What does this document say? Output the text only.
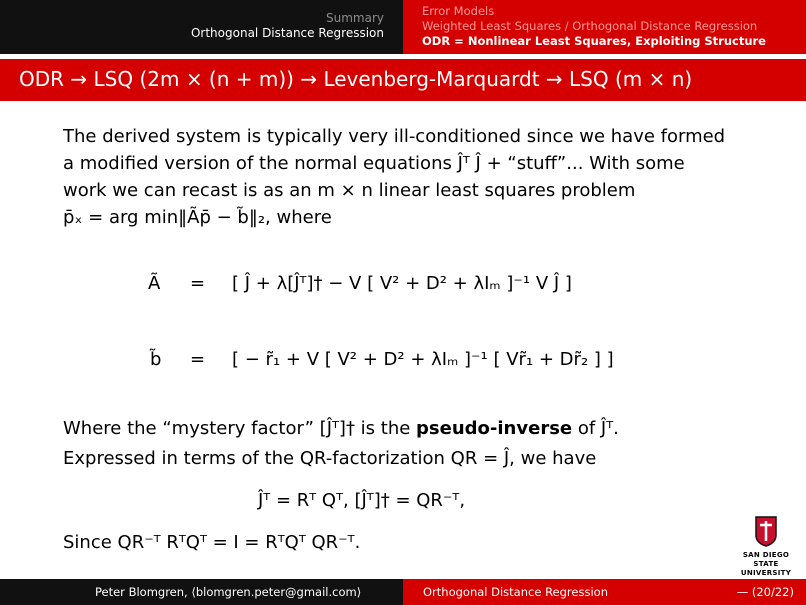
Summary
Orthogonal Distance Regression
Error Models
Weighted Least Squares / Orthogonal Distance Regression
ODR = Nonlinear Least Squares, Exploiting Structure
ODR → LSQ (2m × (n + m)) → Levenberg-Marquardt → LSQ (m × n)

The derived system is typically very ill-conditioned since we have formed

a modified version of the normal equations Ĵᵀ Ĵ + “stuff”... With some

work we can recast is as an m × n linear least squares problem

p̄ₓ = arg min‖Ãp̄ − b̃‖₂, where

Ã = [ Ĵ + λ[Ĵᵀ]† − V [ V² + D² + λIₘ ]⁻¹ V Ĵ ]
b̃ = [ − r̃₁ + V [ V² + D² + λIₘ ]⁻¹ [ Vr̃₁ + Dr̃₂ ] ]
Where the “mystery factor” [Ĵᵀ]† is the pseudo-inverse of Ĵᵀ.
Expressed in terms of the QR-factorization QR = Ĵ, we have
Ĵᵀ = Rᵀ Qᵀ, [Ĵᵀ]† = QR⁻ᵀ,
Since QR⁻ᵀ RᵀQᵀ = I = RᵀQᵀ QR⁻ᵀ.
SAN DIEGO STATE
UNIVERSITY
Peter Blomgren, ⟨blomgren.peter@gmail.com⟩	Orthogonal Distance Regression	— (20/22)
